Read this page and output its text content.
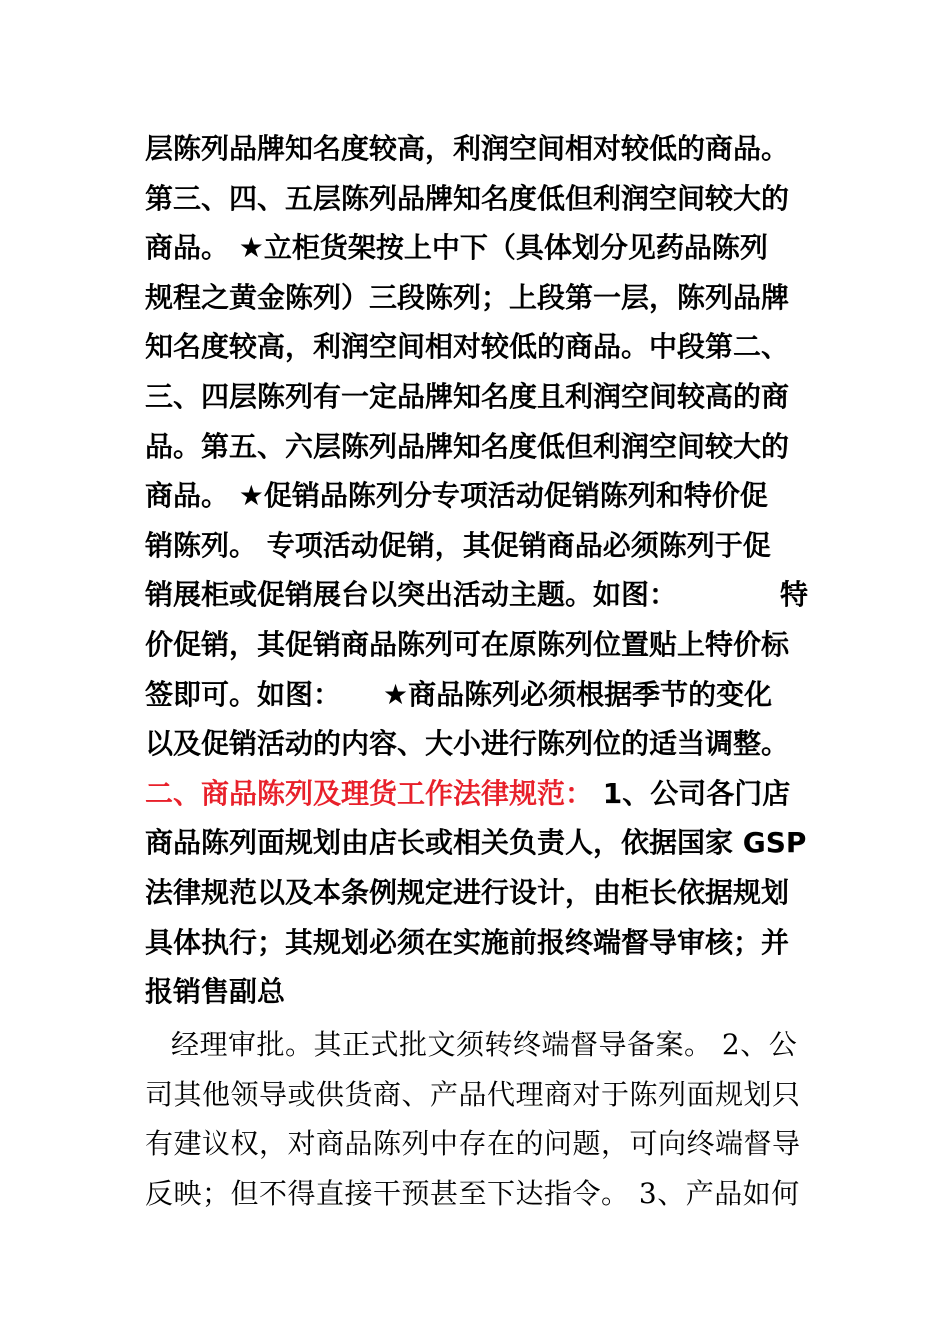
层陈列品牌知名度较高，利润空间相对较低的商品。
第三、四、五层陈列品牌知名度低但利润空间较大的
商品。 ★立柜货架按上中下（具体划分见药品陈列
规程之黄金陈列）三段陈列；上段第一层，陈列品牌
知名度较高，利润空间相对较低的商品。中段第二、
三、四层陈列有一定品牌知名度且利润空间较高的商
品。第五、六层陈列品牌知名度低但利润空间较大的
商品。 ★促销品陈列分专项活动促销陈列和特价促
销陈列。 专项活动促销，其促销商品必须陈列于促
销展柜或促销展台以突出活动主题。如图：	特
价促销，其促销商品陈列可在原陈列位置贴上特价标
签即可。如图：　　★商品陈列必须根据季节的变化
以及促销活动的内容、大小进行陈列位的适当调整。
二、商品陈列及理货工作法律规范： 1、公司各门店
商品陈列面规划由店长或相关负责人，依据国家 GSP
法律规范以及本条例规定进行设计，由柜长依据规划
具体执行；其规划必须在实施前报终端督导审核；并
报销售副总
经理审批。其正式批文须转终端督导备案。 2、公
司其他领导或供货商、产品代理商对于陈列面规划只
有建议权，对商品陈列中存在的问题，可向终端督导
反映；但不得直接干预甚至下达指令。 3、产品如何
